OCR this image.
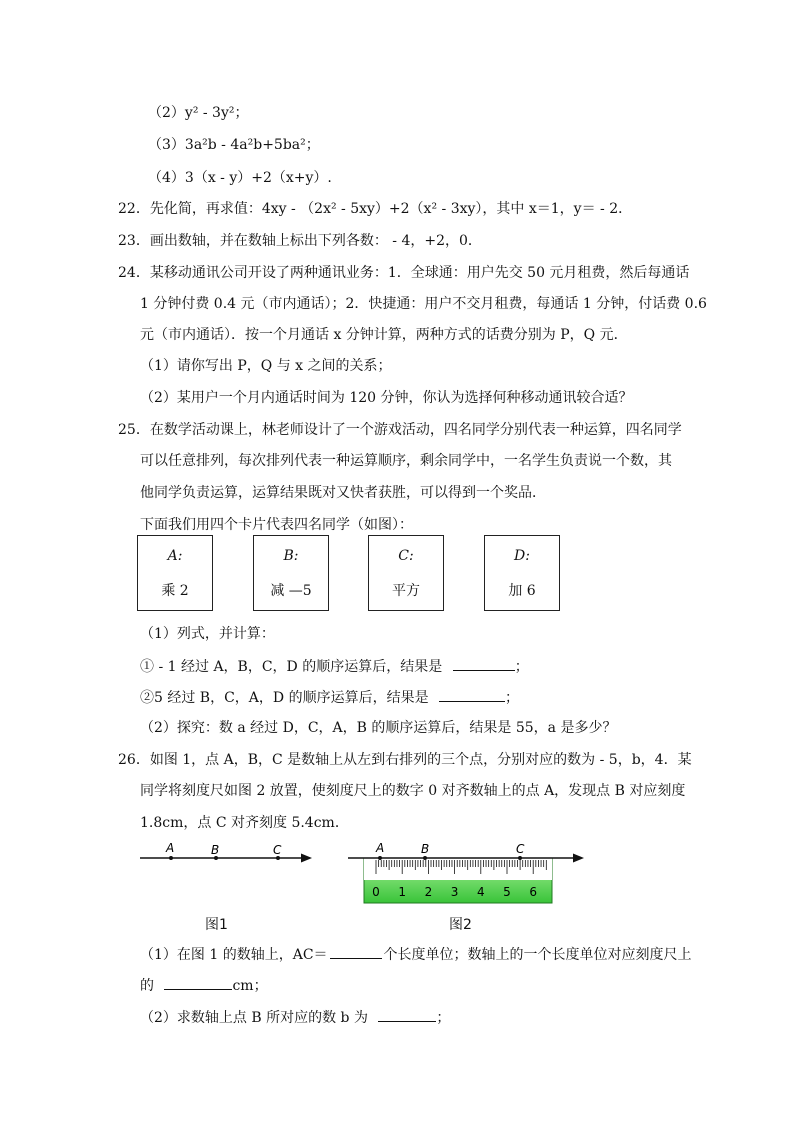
（2）y² - 3y²；
（3）3a²b - 4a²b+5ba²；
（4）3（x - y）+2（x+y）.
22．先化简，再求值：4xy - （2x² - 5xy）+2（x² - 3xy），其中 x＝1，y＝ - 2．
23．画出数轴，并在数轴上标出下列各数： - 4，+2，0．
24．某移动通讯公司开设了两种通讯业务：1．全球通：用户先交 50 元月租费，然后每通话
1 分钟付费 0.4 元（市内通话）；2．快捷通：用户不交月租费，每通话 1 分钟，付话费 0.6
元（市内通话）．按一个月通话 x 分钟计算，两种方式的话费分别为 P，Q 元．
（1）请你写出 P，Q 与 x 之间的关系；
（2）某用户一个月内通话时间为 120 分钟，你认为选择何种移动通讯较合适？
25．在数学活动课上，林老师设计了一个游戏活动，四名同学分别代表一种运算，四名同学
可以任意排列，每次排列代表一种运算顺序，剩余同学中，一名学生负责说一个数，其
他同学负责运算，运算结果既对又快者获胜，可以得到一个奖品．
下面我们用四个卡片代表四名同学（如图）：
A:
乘 2
B:
减 —5
C:
平方
D:
加 6
（1）列式，并计算：
① - 1 经过 A，B，C，D 的顺序运算后，结果是	；
②5 经过 B，C，A，D 的顺序运算后，结果是	；
（2）探究：数 a 经过 D，C，A，B 的顺序运算后，结果是 55，a 是多少？
26．如图 1，点 A，B，C 是数轴上从左到右排列的三个点，分别对应的数为 - 5，b，4．某
同学将刻度尺如图 2 放置，使刻度尺上的数字 0 对齐数轴上的点 A，发现点 B 对应刻度
1.8cm，点 C 对齐刻度 5.4cm．
A	B	C	A	B	C
0 1 2 3 4 5 6
图1	图2
（1）在图 1 的数轴上，AC＝	个长度单位；数轴上的一个长度单位对应刻度尺上
的	cm；
（2）求数轴上点 B 所对应的数 b 为	；
